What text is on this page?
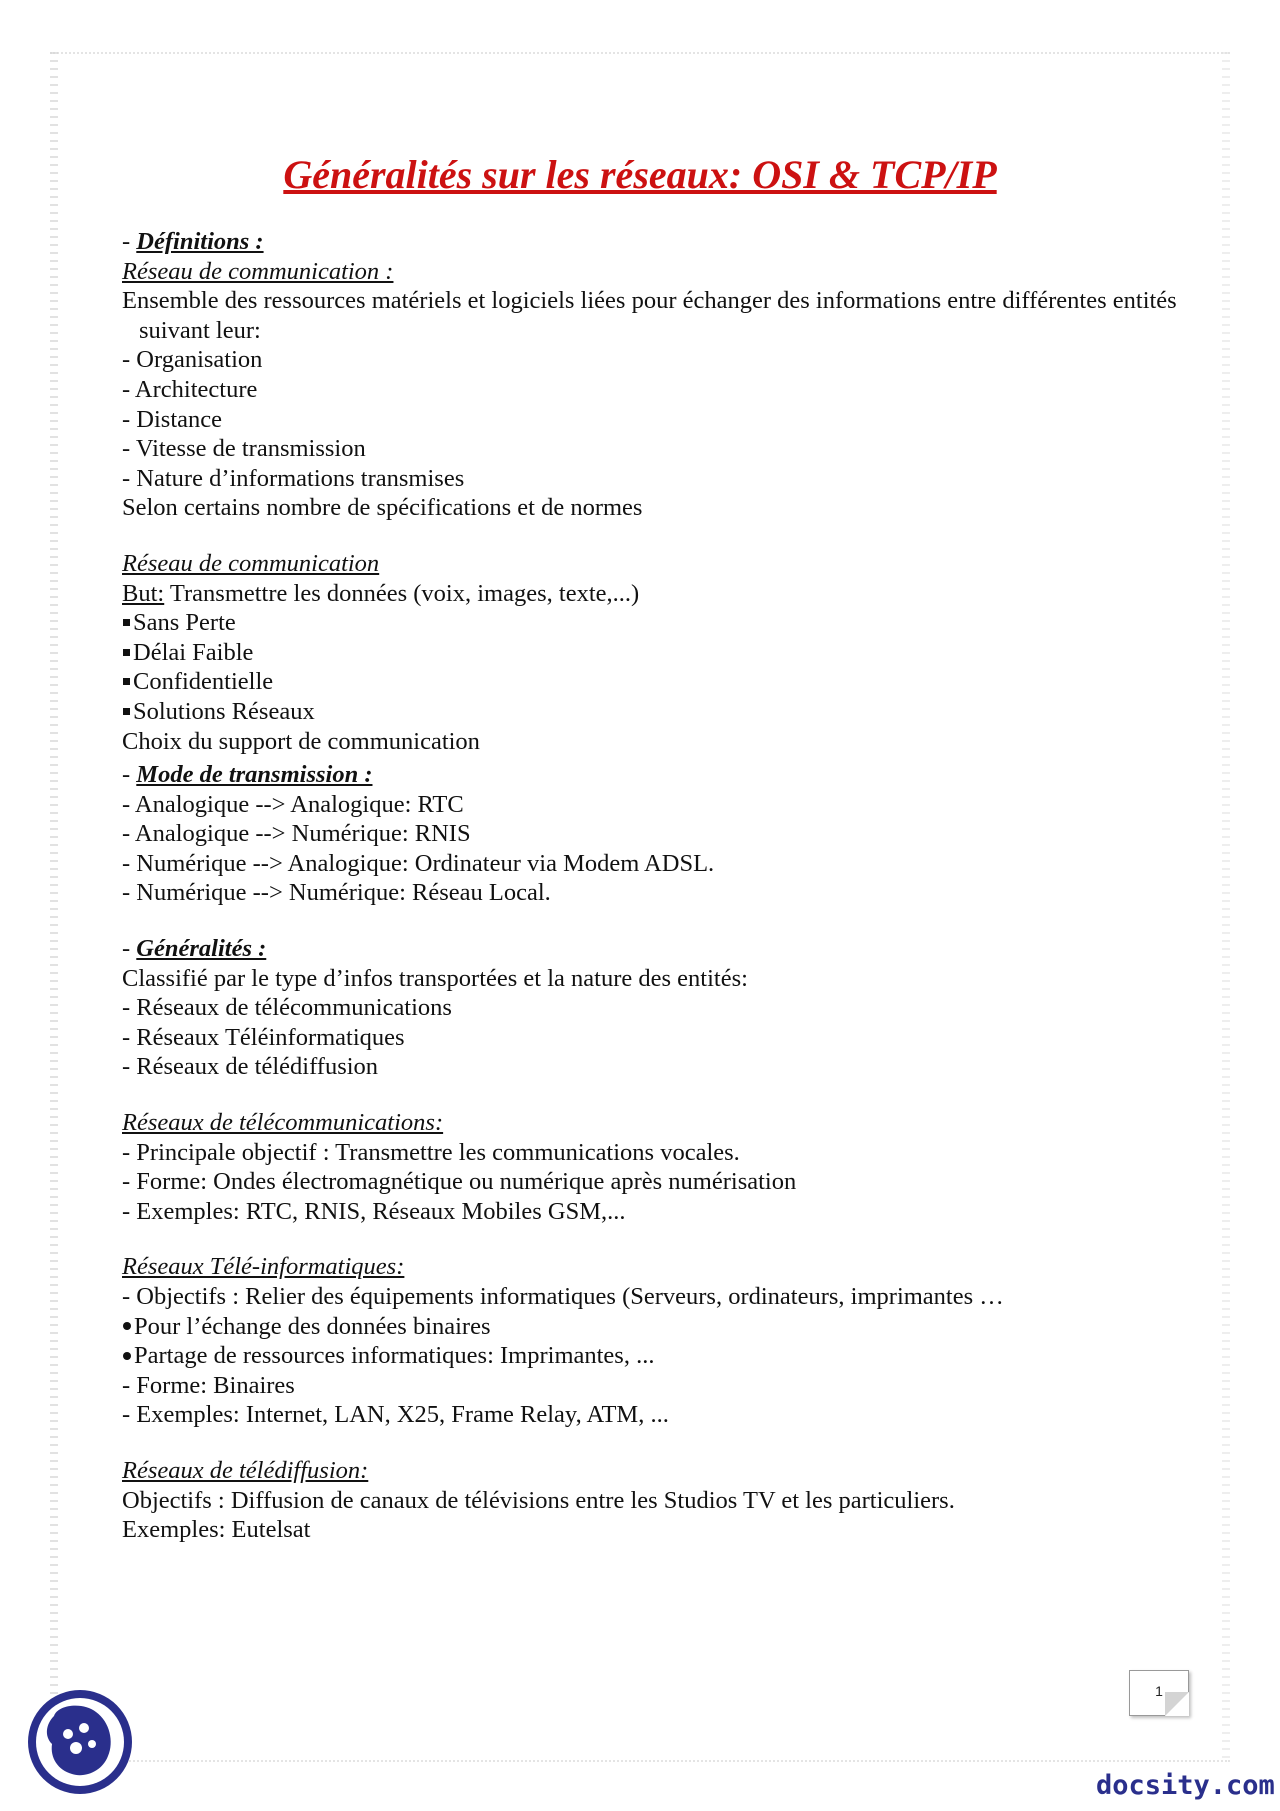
Généralités sur les réseaux: OSI & TCP/IP
- Définitions :
Réseau de communication :
Ensemble des ressources matériels et logiciels liées pour échanger des informations entre différentes entités
suivant leur:
- Organisation
- Architecture
- Distance
- Vitesse de transmission
- Nature d’informations transmises
Selon certains nombre de spécifications et de normes
Réseau de communication
But: Transmettre les données (voix, images, texte,...)
Sans Perte
Délai Faible
Confidentielle
Solutions Réseaux
Choix du support de communication
- Mode de transmission :
- Analogique --> Analogique: RTC
- Analogique --> Numérique: RNIS
- Numérique --> Analogique: Ordinateur via Modem ADSL.
- Numérique --> Numérique: Réseau Local.
- Généralités :
Classifié par le type d’infos transportées et la nature des entités:
- Réseaux de télécommunications
- Réseaux Téléinformatiques
- Réseaux de télédiffusion
Réseaux de télécommunications:
- Principale objectif : Transmettre les communications vocales.
- Forme: Ondes électromagnétique ou numérique après numérisation
- Exemples: RTC, RNIS, Réseaux Mobiles GSM,...
Réseaux Télé-informatiques:
- Objectifs : Relier des équipements informatiques (Serveurs, ordinateurs, imprimantes …
Pour l’échange des données binaires
Partage de ressources informatiques: Imprimantes, ...
- Forme: Binaires
- Exemples: Internet, LAN, X25, Frame Relay, ATM, ...
Réseaux de télédiffusion:
Objectifs : Diffusion de canaux de télévisions entre les Studios TV et les particuliers.
Exemples: Eutelsat
1
docsity.com
